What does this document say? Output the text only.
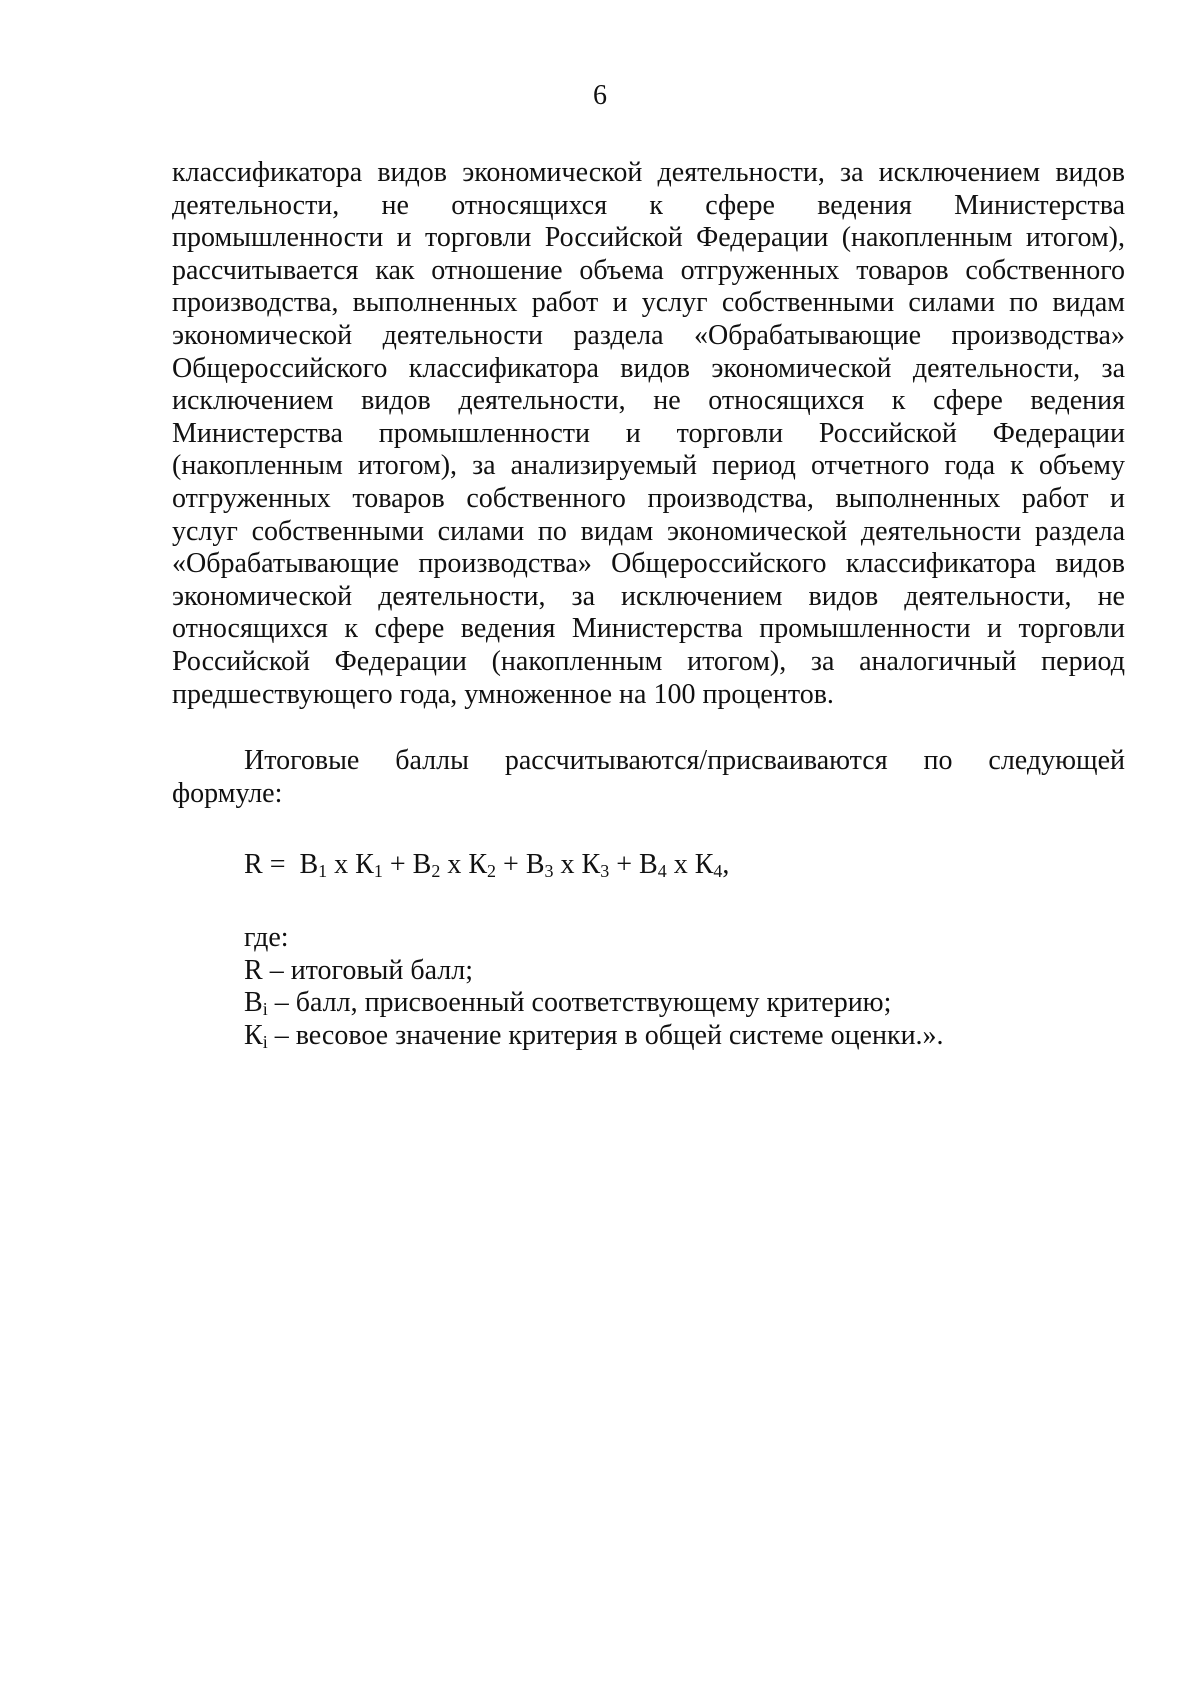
6
классификатора видов экономической деятельности, за исключением видов
деятельности, не относящихся к сфере ведения Министерства
промышленности и торговли Российской Федерации (накопленным итогом),
рассчитывается как отношение объема отгруженных товаров собственного
производства, выполненных работ и услуг собственными силами по видам
экономической деятельности раздела «Обрабатывающие производства»
Общероссийского классификатора видов экономической деятельности, за
исключением видов деятельности, не относящихся к сфере ведения
Министерства промышленности и торговли Российской Федерации
(накопленным итогом), за анализируемый период отчетного года к объему
отгруженных товаров собственного производства, выполненных работ и
услуг собственными силами по видам экономической деятельности раздела
«Обрабатывающие производства» Общероссийского классификатора видов
экономической деятельности, за исключением видов деятельности, не
относящихся к сфере ведения Министерства промышленности и торговли
Российской Федерации (накопленным итогом), за аналогичный период
предшествующего года, умноженное на 100 процентов.
Итоговые баллы рассчитываются/присваиваются по следующей
формуле:
$R = В_1$ х $К_1 + В_2$ х $К_2 + В_3$ х $К_3 + В_4$ х $К_4$,
где:
R – итоговый балл;
$В_i$ – балл, присвоенный соответствующему критерию;
$К_i$ – весовое значение критерия в общей системе оценки.».
